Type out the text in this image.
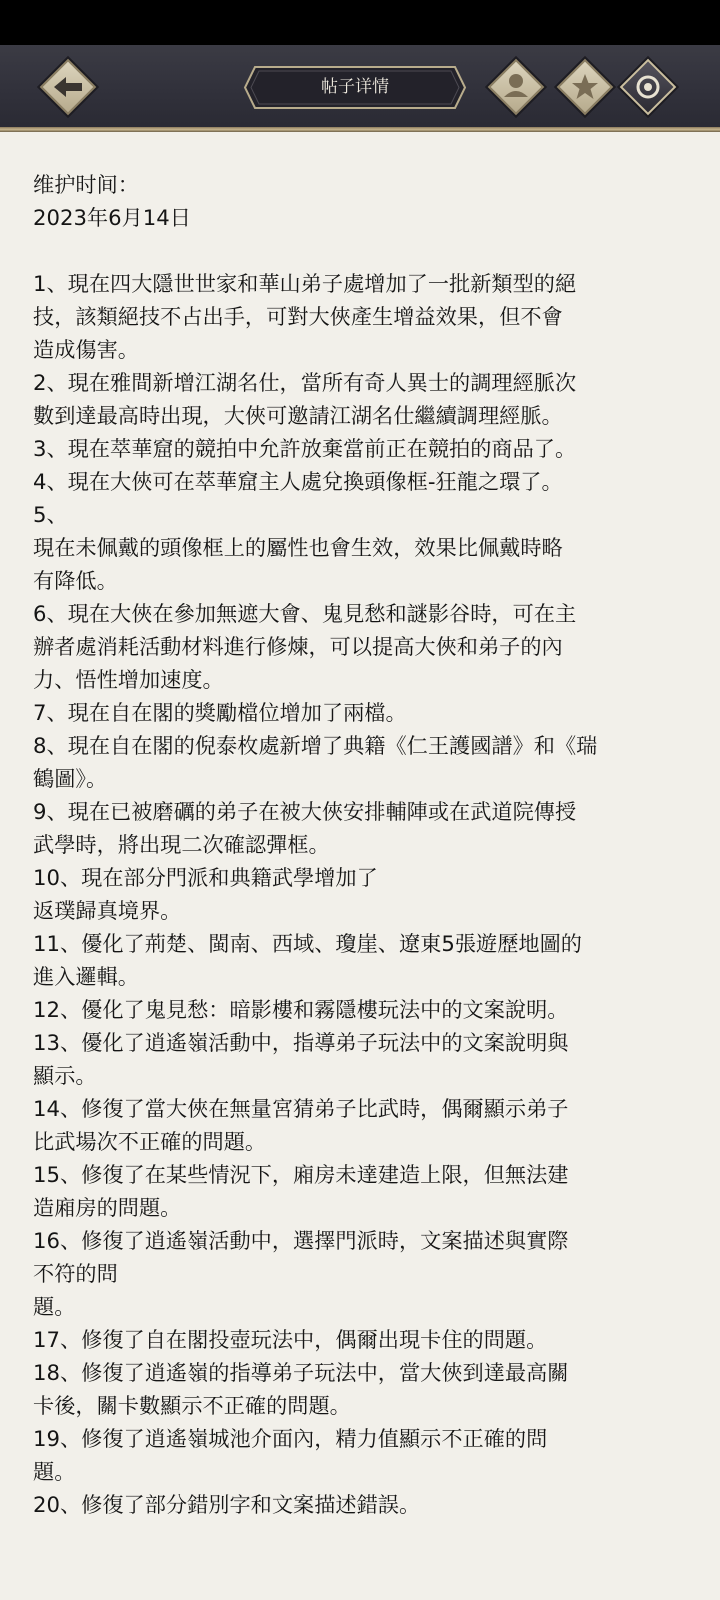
帖子详情
维护时间：
2023年6月14日
1、現在四大隱世世家和華山弟子處增加了一批新類型的絕
技，該類絕技不占出手，可對大俠產生增益效果，但不會
造成傷害。
2、現在雅間新增江湖名仕，當所有奇人異士的調理經脈次
數到達最高時出現，大俠可邀請江湖名仕繼續調理經脈。
3、現在萃華窟的競拍中允許放棄當前正在競拍的商品了。
4、現在大俠可在萃華窟主人處兌換頭像框-狂龍之環了。
5、
現在未佩戴的頭像框上的屬性也會生效，效果比佩戴時略
有降低。
6、現在大俠在參加無遮大會、鬼見愁和謎影谷時，可在主
辦者處消耗活動材料進行修煉，可以提高大俠和弟子的內
力、悟性增加速度。
7、現在自在閣的獎勵檔位增加了兩檔。
8、現在自在閣的倪泰枚處新增了典籍《仁王護國譜》和《瑞
鶴圖》。
9、現在已被磨礪的弟子在被大俠安排輔陣或在武道院傳授
武學時，將出現二次確認彈框。
10、現在部分門派和典籍武學增加了
返璞歸真境界。
11、優化了荊楚、閩南、西域、瓊崖、遼東5張遊歷地圖的
進入邏輯。
12、優化了鬼見愁：暗影樓和霧隱樓玩法中的文案說明。
13、優化了逍遙嶺活動中，指導弟子玩法中的文案說明與
顯示。
14、修復了當大俠在無量宮猜弟子比武時，偶爾顯示弟子
比武場次不正確的問題。
15、修復了在某些情況下，廂房未達建造上限，但無法建
造廂房的問題。
16、修復了逍遙嶺活動中，選擇門派時，文案描述與實際
不符的問
題。
17、修復了自在閣投壺玩法中，偶爾出現卡住的問題。
18、修復了逍遙嶺的指導弟子玩法中，當大俠到達最高關
卡後，關卡數顯示不正確的問題。
19、修復了逍遙嶺城池介面內，精力值顯示不正確的問
題。
20、修復了部分錯別字和文案描述錯誤。
